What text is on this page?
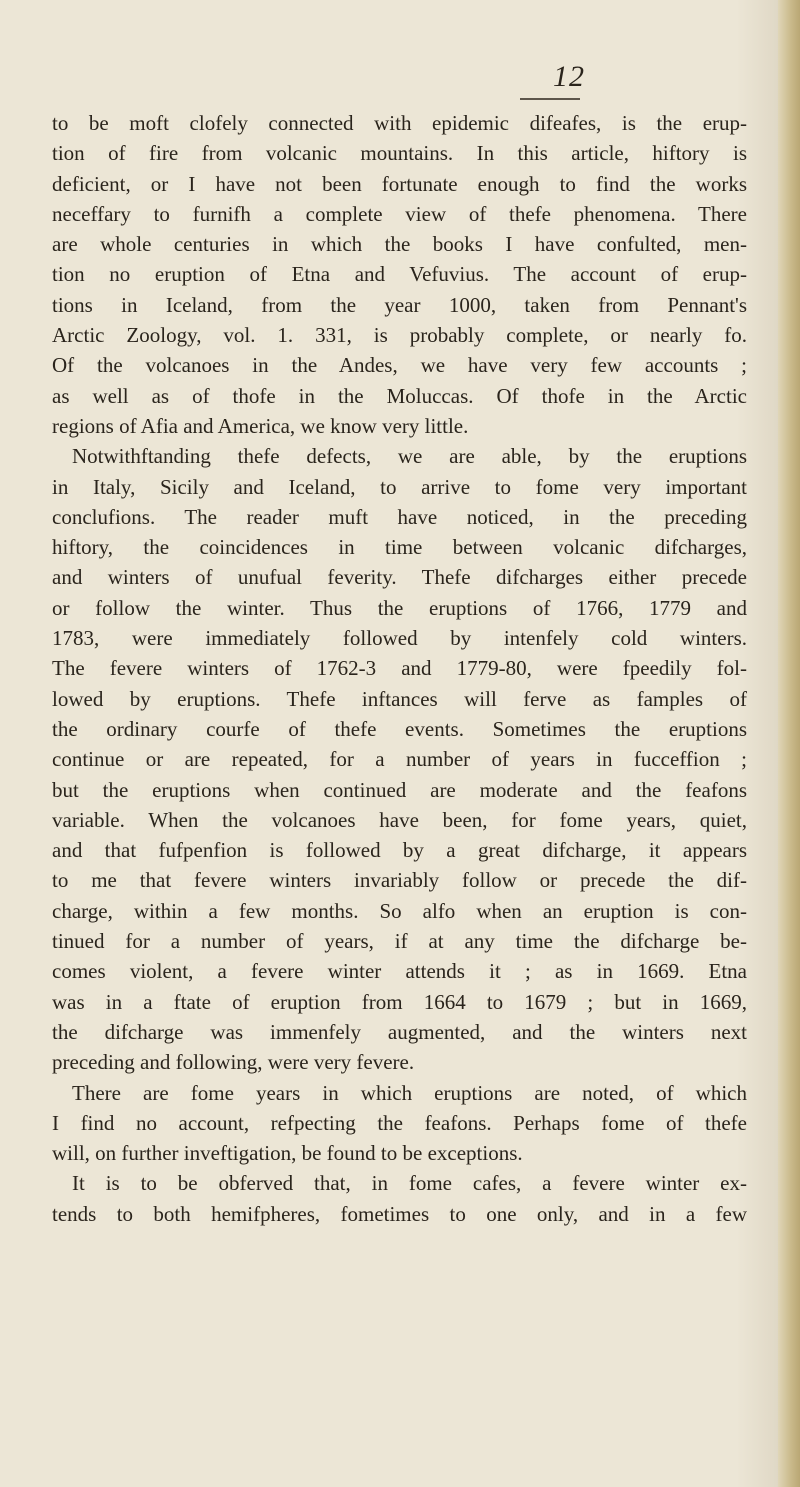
12
to be moft clofely connected with epidemic difeafes, is the erup-
tion of fire from volcanic mountains. In this article, hiftory is
deficient, or I have not been fortunate enough to find the works
neceffary to furnifh a complete view of thefe phenomena. There
are whole centuries in which the books I have confulted, men-
tion no eruption of Etna and Vefuvius. The account of erup-
tions in Iceland, from the year 1000, taken from Pennant's
Arctic Zoology, vol. 1. 331, is probably complete, or nearly fo.
Of the volcanoes in the Andes, we have very few accounts ;
as well as of thofe in the Moluccas. Of thofe in the Arctic
regions of Afia and America, we know very little.
Notwithftanding thefe defects, we are able, by the eruptions
in Italy, Sicily and Iceland, to arrive to fome very important
conclufions. The reader muft have noticed, in the preceding
hiftory, the coincidences in time between volcanic difcharges,
and winters of unufual feverity. Thefe difcharges either precede
or follow the winter. Thus the eruptions of 1766, 1779 and
1783, were immediately followed by intenfely cold winters.
The fevere winters of 1762-3 and 1779-80, were fpeedily fol-
lowed by eruptions. Thefe inftances will ferve as famples of
the ordinary courfe of thefe events. Sometimes the eruptions
continue or are repeated, for a number of years in fucceffion ;
but the eruptions when continued are moderate and the feafons
variable. When the volcanoes have been, for fome years, quiet,
and that fufpenfion is followed by a great difcharge, it appears
to me that fevere winters invariably follow or precede the dif-
charge, within a few months. So alfo when an eruption is con-
tinued for a number of years, if at any time the difcharge be-
comes violent, a fevere winter attends it ; as in 1669. Etna
was in a ftate of eruption from 1664 to 1679 ; but in 1669,
the difcharge was immenfely augmented, and the winters next
preceding and following, were very fevere.
There are fome years in which eruptions are noted, of which
I find no account, refpecting the feafons. Perhaps fome of thefe
will, on further inveftigation, be found to be exceptions.
It is to be obferved that, in fome cafes, a fevere winter ex-
tends to both hemifpheres, fometimes to one only, and in a few
